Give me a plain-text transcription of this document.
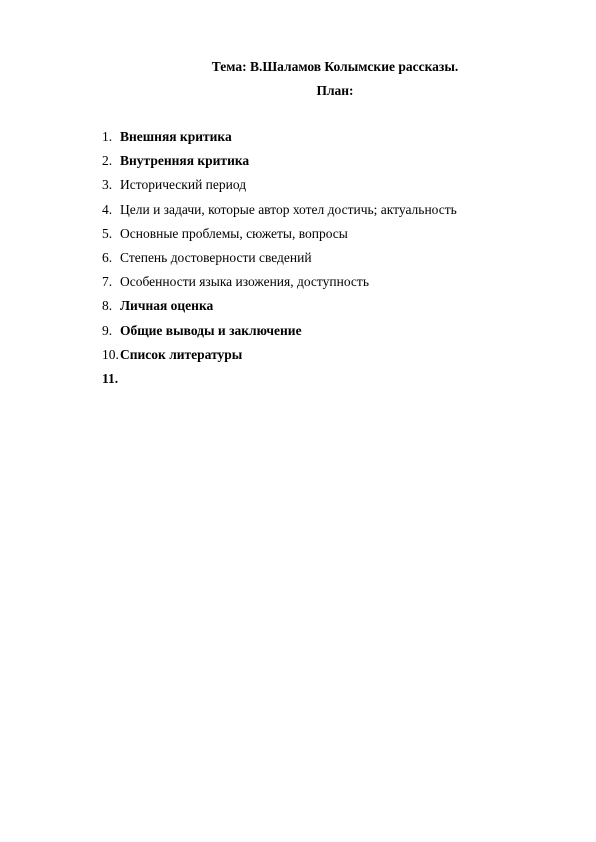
Тема: В.Шаламов Колымские рассказы.
План:
1. Внешняя критика
2. Внутренняя критика
3. Исторический период
4. Цели и задачи, которые автор хотел достичь; актуальность
5. Основные проблемы, сюжеты, вопросы
6. Степень достоверности сведений
7. Особенности языка изожения, доступность
8. Личная оценка
9. Общие выводы и заключение
10.Список литературы
11.
